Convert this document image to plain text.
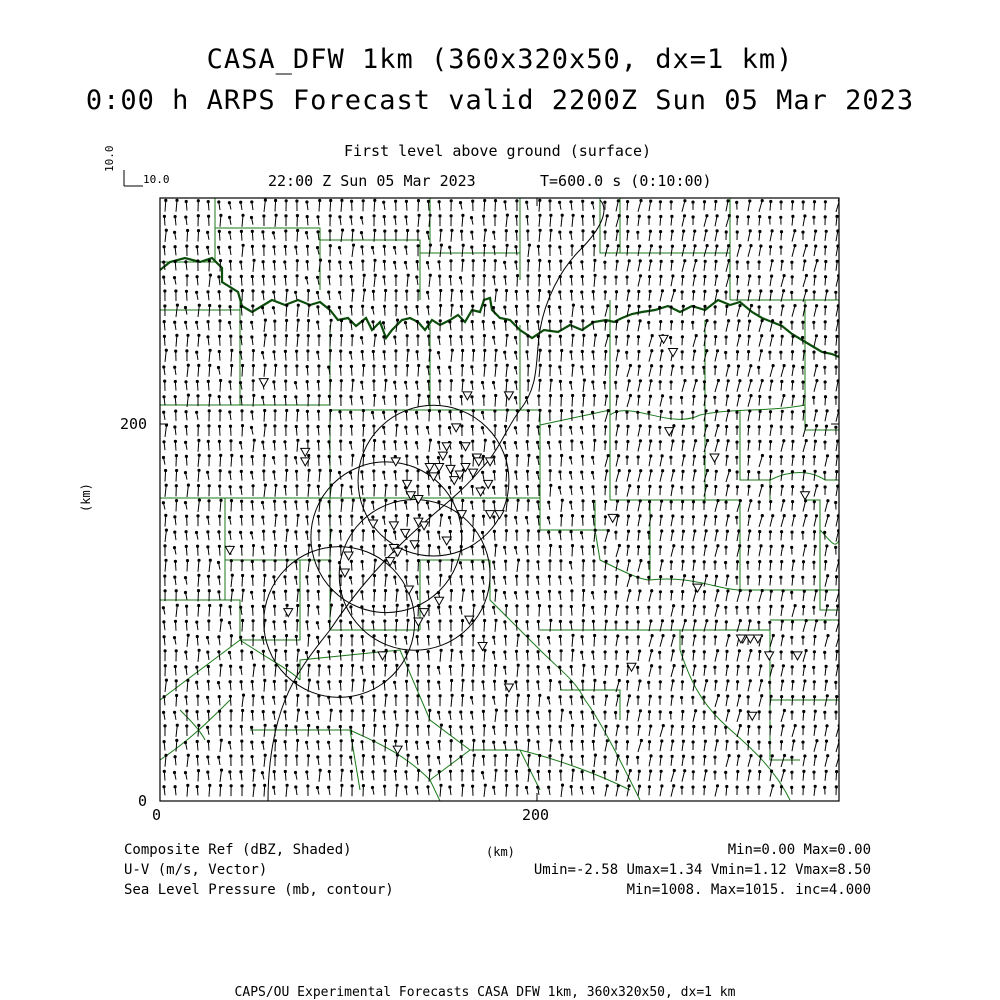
CASA_DFW 1km (360x320x50, dx=1 km)
0:00 h ARPS Forecast valid 2200Z Sun 05 Mar 2023
First level above ground (surface)
22:00 Z Sun 05 Mar 2023	T=600.0 s (0:10:00)
10.0
10.0
(km)
(km)
0	200
0
200
Composite Ref (dBZ, Shaded)
U-V (m/s, Vector)
Sea Level Pressure (mb, contour)
Min=0.00 Max=0.00
Umin=-2.58 Umax=1.34 Vmin=1.12 Vmax=8.50
Min=1008. Max=1015. inc=4.000
CAPS/OU Experimental Forecasts CASA DFW 1km, 360x320x50, dx=1 km
